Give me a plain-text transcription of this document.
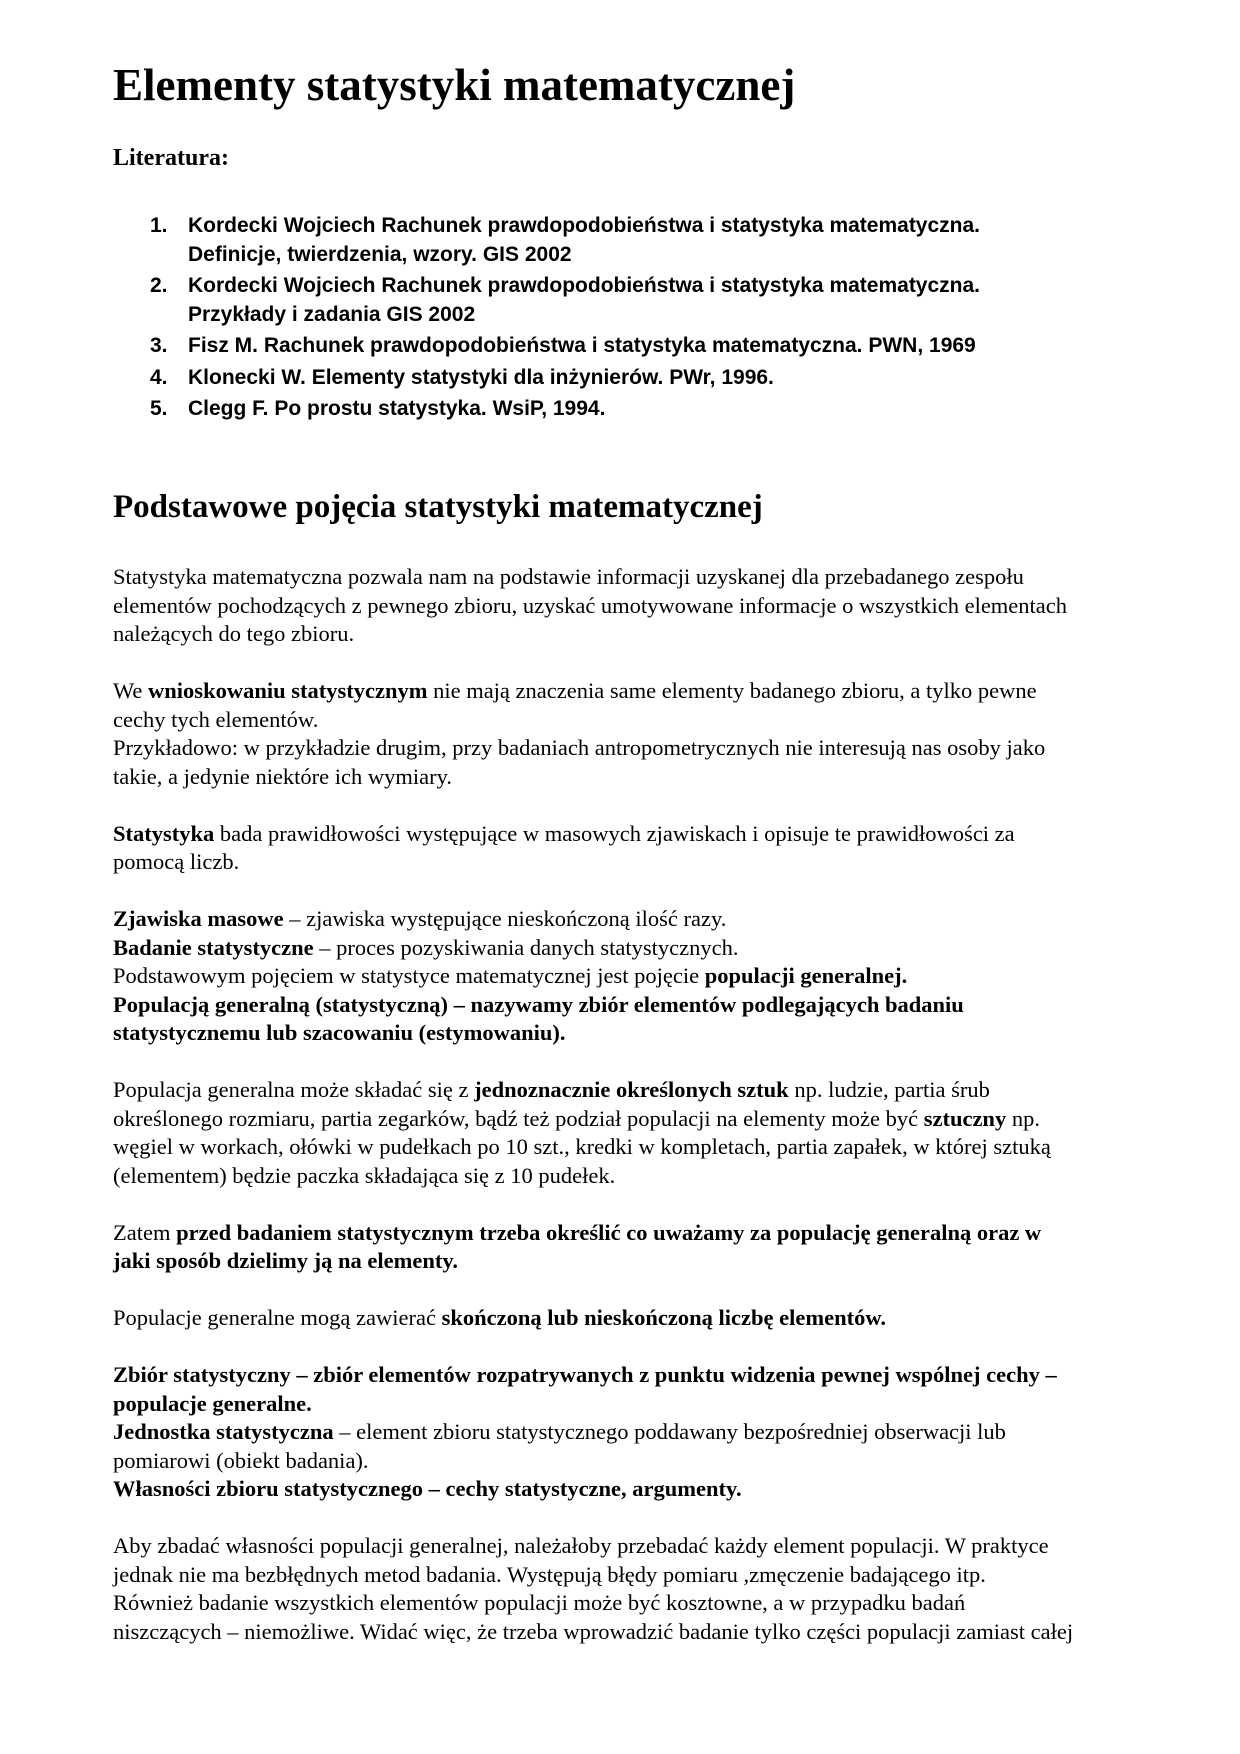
Elementy statystyki matematycznej
Literatura:
1. Kordecki Wojciech Rachunek prawdopodobieństwa i statystyka matematyczna.
Definicje, twierdzenia, wzory. GIS 2002
2. Kordecki Wojciech Rachunek prawdopodobieństwa i statystyka matematyczna.
Przykłady i zadania GIS 2002
3. Fisz M. Rachunek prawdopodobieństwa i statystyka matematyczna. PWN, 1969
4. Klonecki W. Elementy statystyki dla inżynierów. PWr, 1996.
5. Clegg F. Po prostu statystyka. WsiP, 1994.
Podstawowe pojęcia statystyki matematycznej
Statystyka matematyczna pozwala nam na podstawie informacji uzyskanej dla przebadanego zespołu
elementów pochodzących z pewnego zbioru, uzyskać umotywowane informacje o wszystkich elementach
należących do tego zbioru.
We wnioskowaniu statystycznym nie mają znaczenia same elementy badanego zbioru, a tylko pewne
cechy tych elementów.
Przykładowo: w przykładzie drugim, przy badaniach antropometrycznych nie interesują nas osoby jako
takie, a jedynie niektóre ich wymiary.
Statystyka bada prawidłowości występujące w masowych zjawiskach i opisuje te prawidłowości za
pomocą liczb.
Zjawiska masowe – zjawiska występujące nieskończoną ilość razy.
Badanie statystyczne – proces pozyskiwania danych statystycznych.
Podstawowym pojęciem w statystyce matematycznej jest pojęcie populacji generalnej.
Populacją generalną (statystyczną) – nazywamy zbiór elementów podlegających badaniu
statystycznemu lub szacowaniu (estymowaniu).
Populacja generalna może składać się z jednoznacznie określonych sztuk np. ludzie, partia śrub
określonego rozmiaru, partia zegarków, bądź też podział populacji na elementy może być sztuczny np.
węgiel w workach, ołówki w pudełkach po 10 szt., kredki w kompletach, partia zapałek, w której sztuką
(elementem) będzie paczka składająca się z 10 pudełek.
Zatem przed badaniem statystycznym trzeba określić co uważamy za populację generalną oraz w
jaki sposób dzielimy ją na elementy.
Populacje generalne mogą zawierać skończoną lub nieskończoną liczbę elementów.
Zbiór statystyczny – zbiór elementów rozpatrywanych z punktu widzenia pewnej wspólnej cechy –
populacje generalne.
Jednostka statystyczna – element zbioru statystycznego poddawany bezpośredniej obserwacji lub
pomiarowi (obiekt badania).
Własności zbioru statystycznego – cechy statystyczne, argumenty.
Aby zbadać własności populacji generalnej, należałoby przebadać każdy element populacji. W praktyce
jednak nie ma bezbłędnych metod badania. Występują błędy pomiaru ,zmęczenie badającego itp.
Również badanie wszystkich elementów populacji może być kosztowne, a w przypadku badań
niszczących – niemożliwe. Widać więc, że trzeba wprowadzić badanie tylko części populacji zamiast całej
